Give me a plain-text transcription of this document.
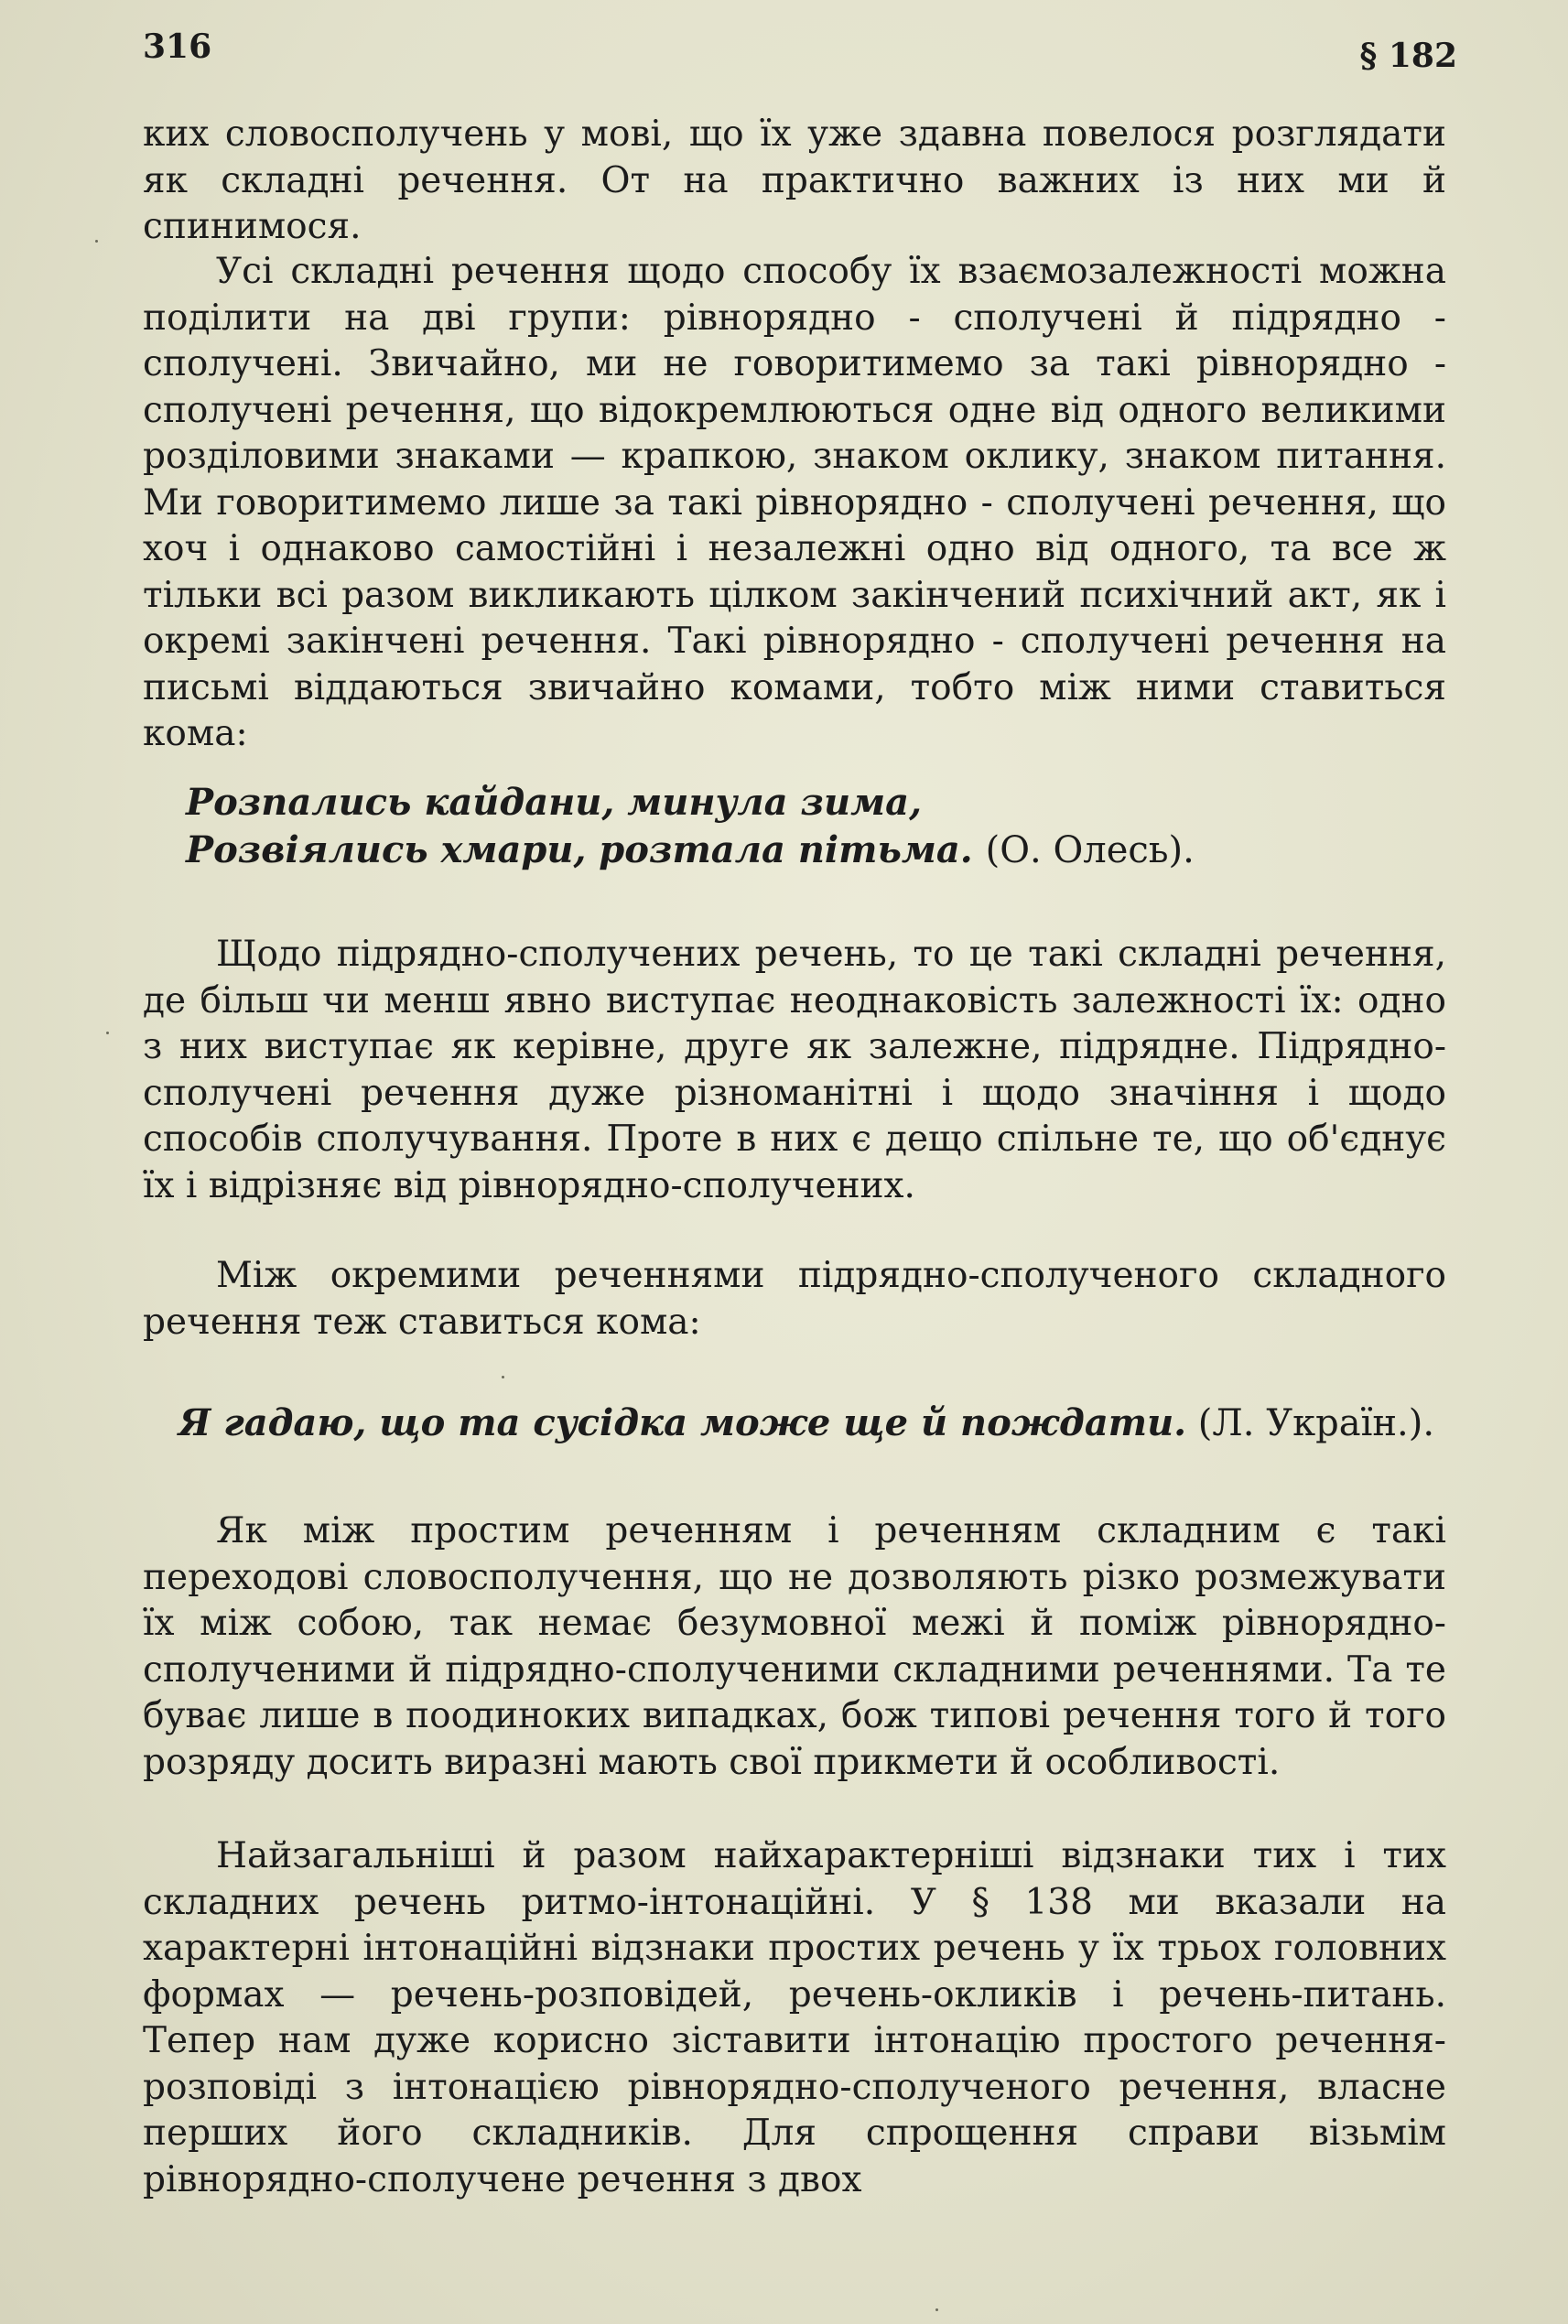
316	§ 182

ких словосполучень у мові, що їх уже здавна повелося розглядати як складні речення. От на практично важних із них ми й спинимося.

Усі складні речення щодо способу їх взаємозалежності можна поділити на дві групи: рівнорядно - сполучені й підрядно - сполучені. Звичайно, ми не говоритимемо за такі рівнорядно - сполучені речення, що відокремлюються одне від одного великими розділовими знаками — крапкою, знаком оклику, знаком питання. Ми говоритимемо лише за такі рівнорядно - сполучені речення, що хоч і однаково самостійні і незалежні одно від одного, та все ж тільки всі разом викликають цілком закінчений психічний акт, як і окремі закінчені речення. Такі рівнорядно - сполучені речення на письмі віддаються звичайно комами, тобто між ними ставиться кома:

Розпались кайдани, минула зима,
Розвіялись хмари, розтала пітьма. (О. Олесь).

Щодо підрядно-сполучених речень, то це такі складні речення, де більш чи менш явно виступає неоднаковість залежності їх: одно з них виступає як керівне, друге як залежне, підрядне. Підрядно-сполучені речення дуже різноманітні і щодо значіння і щодо способів сполучування. Проте в них є дещо спільне те, що об'єднує їх і відрізняє від рівнорядно-сполучених.

Між окремими реченнями підрядно-сполученого складного речення теж ставиться кома:

Я гадаю, що та сусідка може ще й пождати. (Л. Україн.).

Як між простим реченням і реченням складним є такі переходові словосполучення, що не дозволяють різко розмежувати їх між собою, так немає безумовної межі й поміж рівнорядно-сполученими й підрядно-сполученими складними реченнями. Та те буває лише в поодиноких випадках, бож типові речення того й того розряду досить виразні мають свої прикмети й особливості.

Найзагальніші й разом найхарактерніші відзнаки тих і тих складних речень ритмо-інтонаційні. У § 138 ми вказали на характерні інтонаційні відзнаки простих речень у їх трьох головних формах — речень-розповідей, речень-окликів і речень-питань. Тепер нам дуже корисно зіставити інтонацію простого речення-розповіді з інтонацією рівнорядно-сполученого речення, власне перших його складників. Для спрощення справи візьмім рівнорядно-сполучене речення з двох
